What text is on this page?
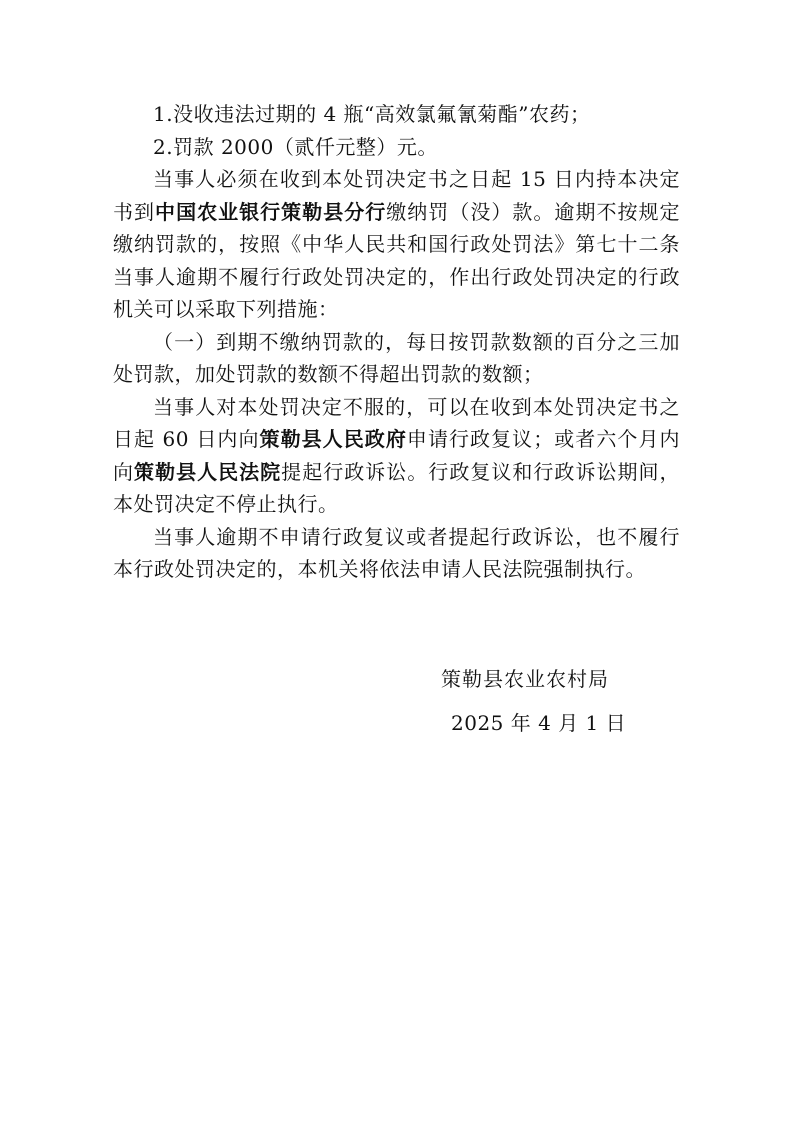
1.没收违法过期的 4 瓶“高效氯氟氰菊酯”农药；

2.罚款 2000（贰仟元整）元。

当事人必须在收到本处罚决定书之日起 15 日内持本决定书到中国农业银行策勒县分行缴纳罚（没）款。逾期不按规定缴纳罚款的，按照《中华人民共和国行政处罚法》第七十二条 当事人逾期不履行行政处罚决定的，作出行政处罚决定的行政机关可以采取下列措施：

（一）到期不缴纳罚款的，每日按罚款数额的百分之三加处罚款，加处罚款的数额不得超出罚款的数额；

当事人对本处罚决定不服的，可以在收到本处罚决定书之日起 60 日内向策勒县人民政府申请行政复议；或者六个月内向策勒县人民法院提起行政诉讼。行政复议和行政诉讼期间，本处罚决定不停止执行。

当事人逾期不申请行政复议或者提起行政诉讼，也不履行本行政处罚决定的，本机关将依法申请人民法院强制执行。

策勒县农业农村局
2025 年 4 月 1 日
